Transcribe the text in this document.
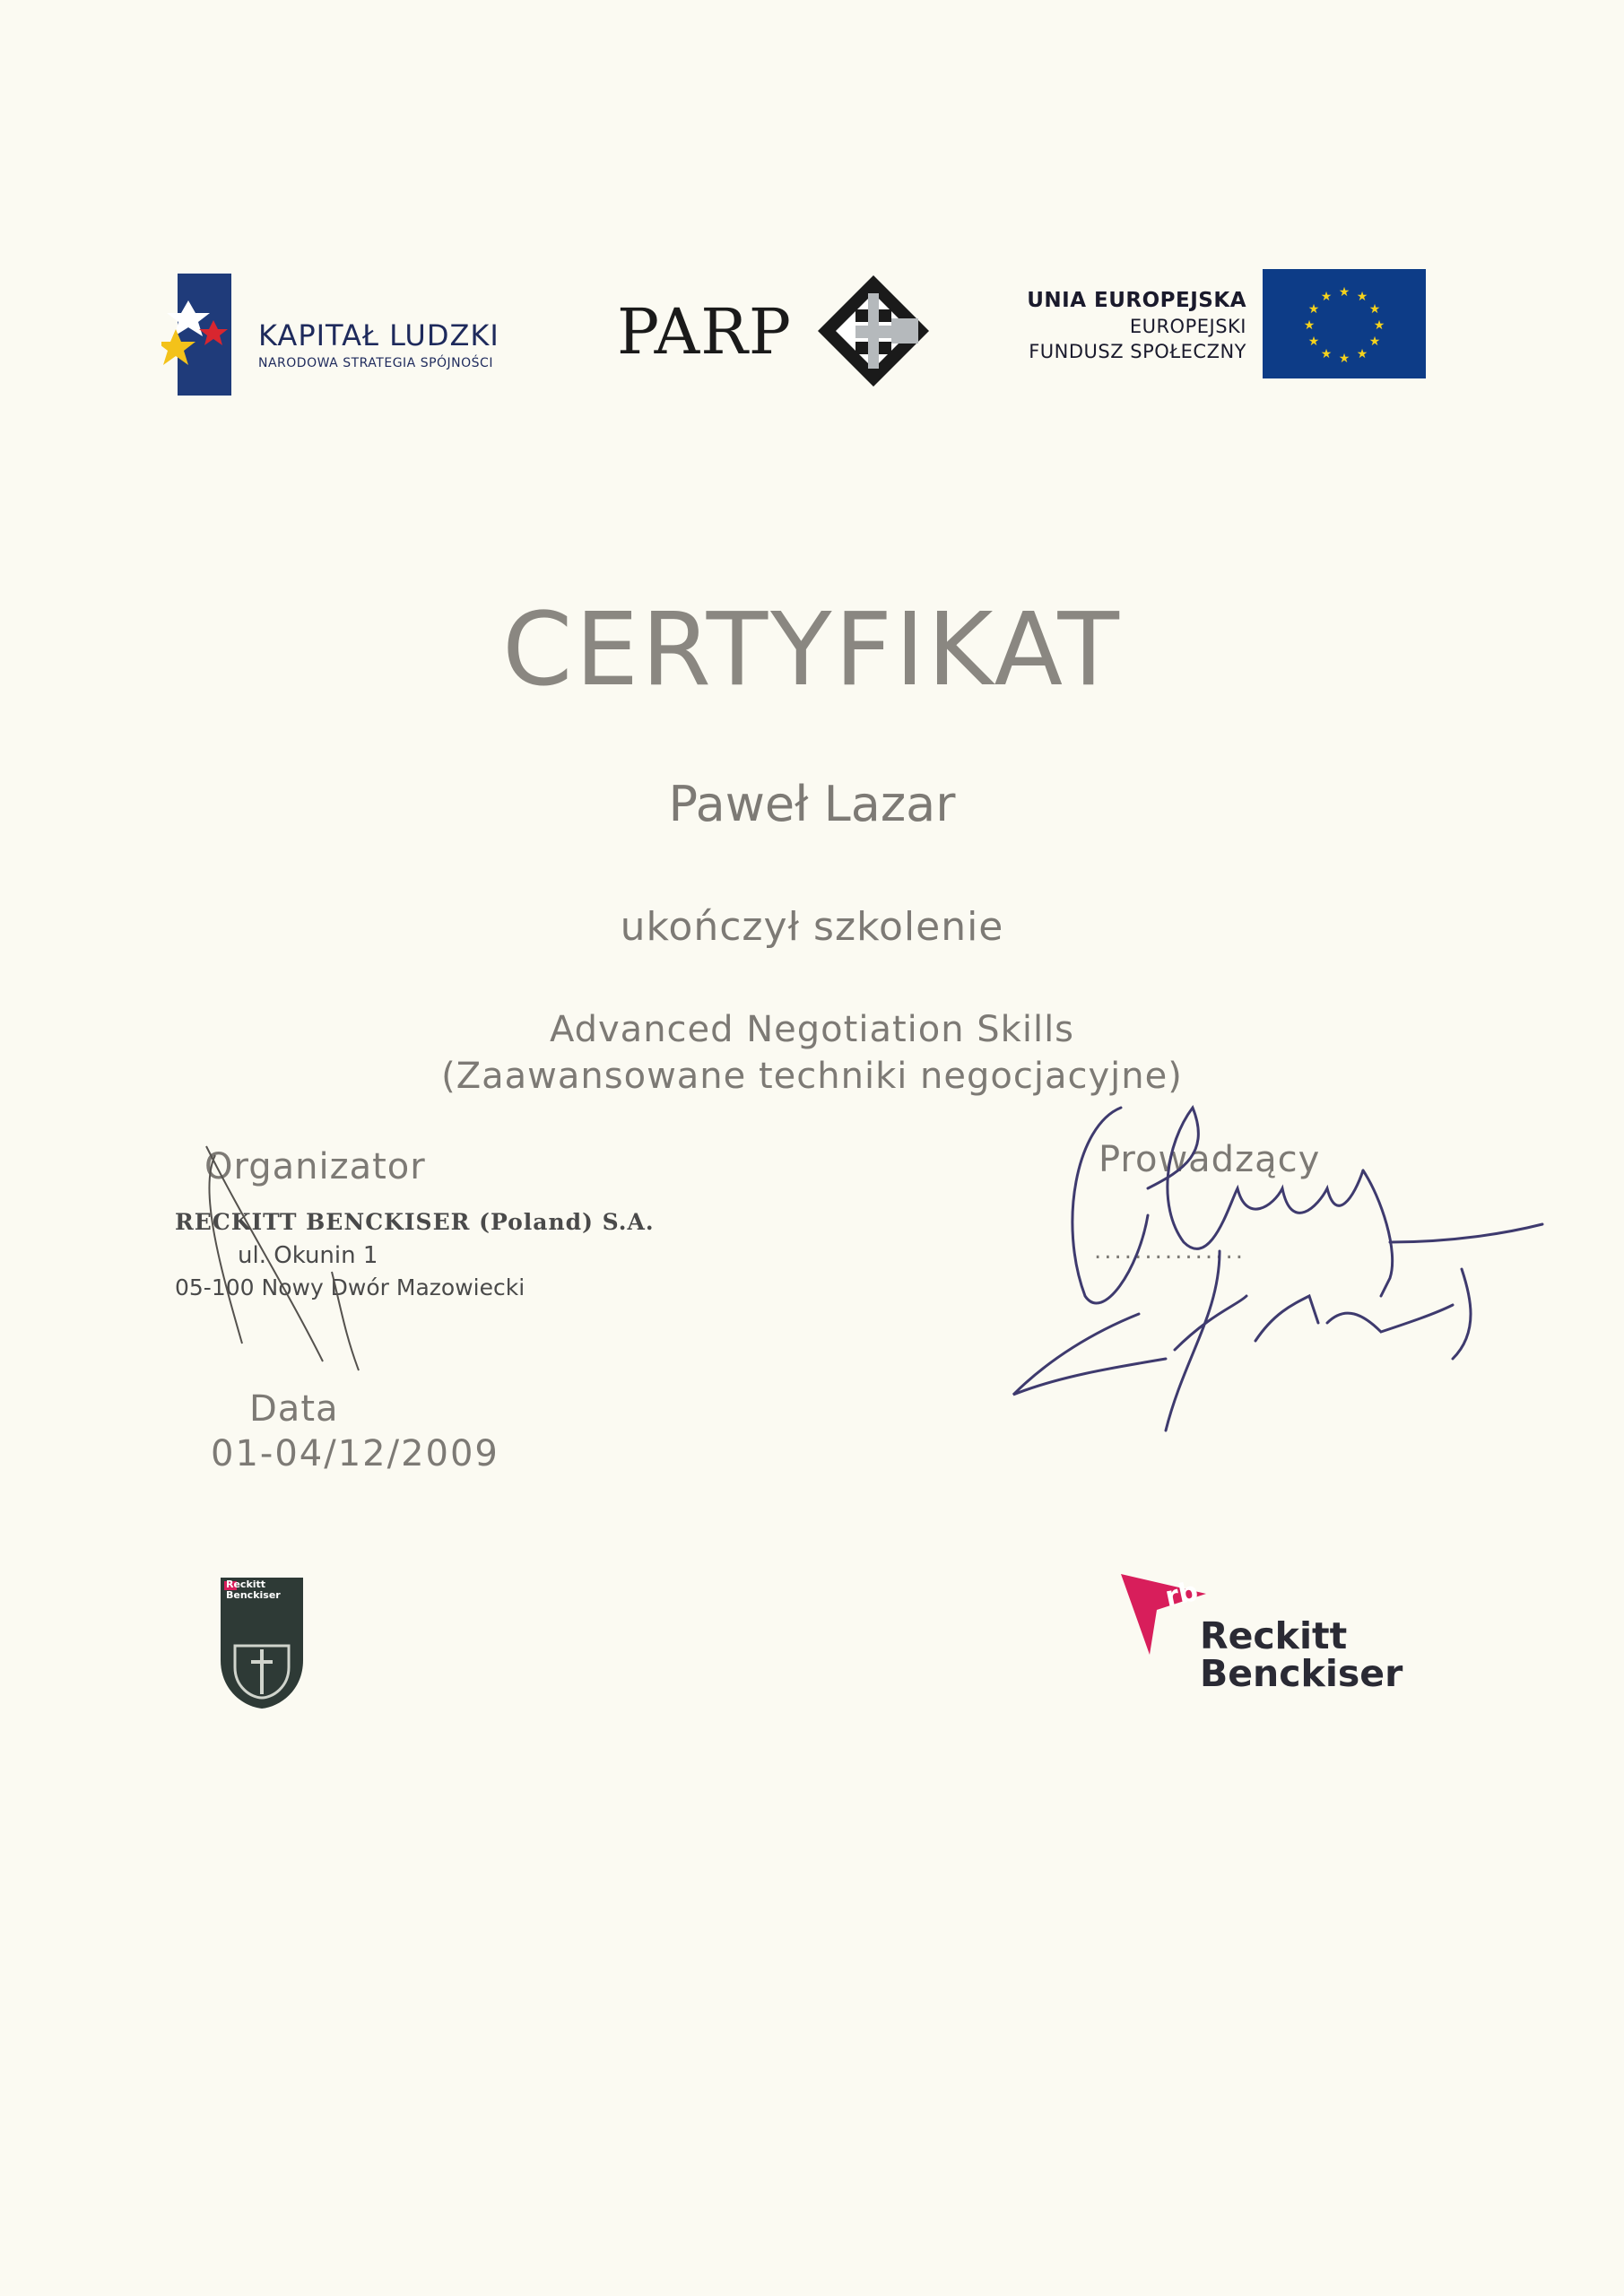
KAPITAŁ LUDZKI
NARODOWA STRATEGIA SPÓJNOŚCI PARP	UNIA EUROPEJSKA
EUROPEJSKI
FUNDUSZ SPOŁECZNY
★ ★
★
★
★
★
★
★
★
★
★
★
CERTYFIKAT
Paweł Lazar
ukończył szkolenie
Advanced Negotiation Skills
(Zaawansowane techniki negocjacyjne)
Organizator
RECKITT BENCKISER (Poland) S.A.
ul. Okunin 1
05-100 Nowy Dwór Mazowiecki
Prowadzący
...............
Data
01-04/12/2009
Reckitt Benckiser	rb
Reckitt
Benckiser
